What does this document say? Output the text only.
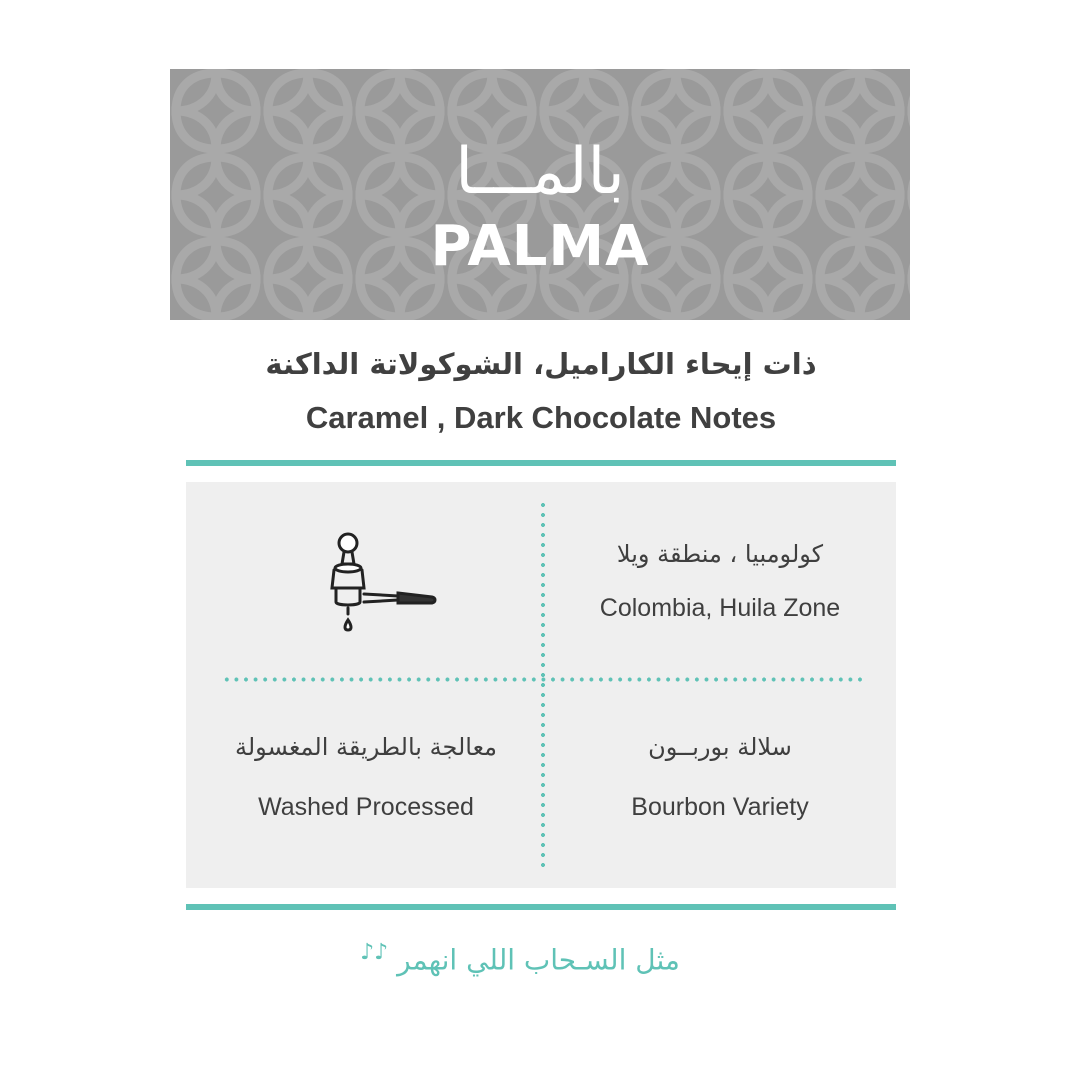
بالمـــا
PALMA
ذات إيحاء الكاراميل، الشوكولاتة الداكنة
Caramel , Dark Chocolate Notes
كولومبيا ، منطقة ويلا
Colombia, Huila Zone
معالجة بالطريقة المغسولة
Washed Processed
سلالة بوربــون
Bourbon Variety
مثل السـحاب اللي انهمر ♪♪
